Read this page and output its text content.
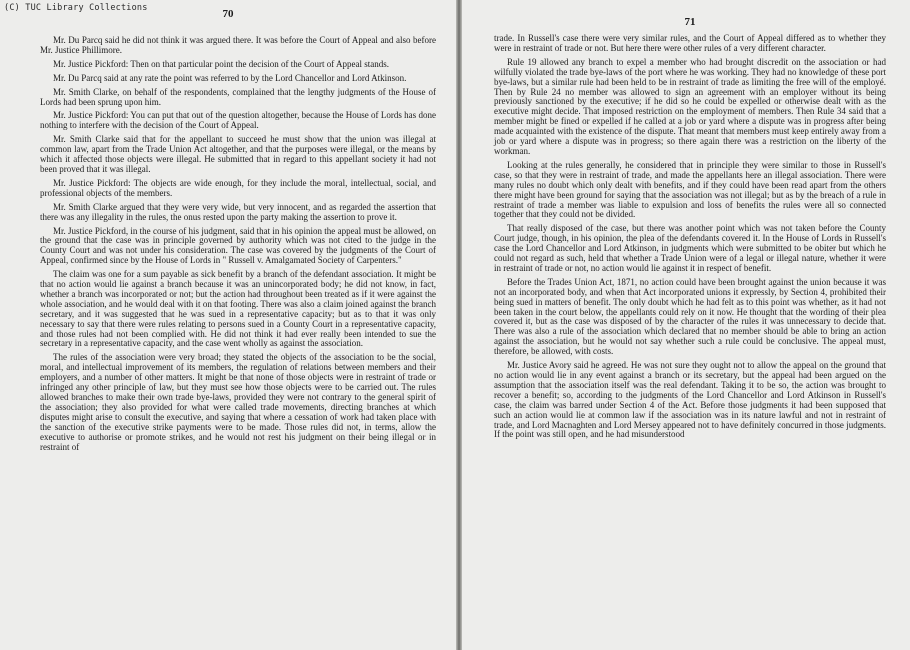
70

Mr. Du Parcq said he did not think it was argued there. It was before the Court of Appeal and also before Mr. Justice Phillimore.

Mr. Justice Pickford: Then on that particular point the decision of the Court of Appeal stands.

Mr. Du Parcq said at any rate the point was referred to by the Lord Chancellor and Lord Atkinson.

Mr. Smith Clarke, on behalf of the respondents, complained that the lengthy judgments of the House of Lords had been sprung upon him.

Mr. Justice Pickford: You can put that out of the question altogether, because the House of Lords has done nothing to interfere with the decision of the Court of Appeal.

Mr. Smith Clarke said that for the appellant to succeed he must show that the union was illegal at common law, apart from the Trade Union Act altogether, and that the purposes were illegal, or the means by which it affected those objects were illegal. He submitted that in regard to this appellant society it had not been proved that it was illegal.

Mr. Justice Pickford: The objects are wide enough, for they include the moral, intellectual, social, and professional objects of the members.

Mr. Smith Clarke argued that they were very wide, but very innocent, and as regarded the assertion that there was any illegality in the rules, the onus rested upon the party making the assertion to prove it.

Mr. Justice Pickford, in the course of his judgment, said that in his opinion the appeal must be allowed, on the ground that the case was in principle governed by authority which was not cited to the judge in the County Court and was not under his consideration. The case was covered by the judgments of the Court of Appeal, confirmed since by the House of Lords in " Russell v. Amalgamated Society of Carpenters."

The claim was one for a sum payable as sick benefit by a branch of the defendant association. It might be that no action would lie against a branch because it was an unincorporated body; he did not know, in fact, whether a branch was incorporated or not; but the action had throughout been treated as if it were against the whole association, and he would deal with it on that footing. There was also a claim joined against the branch secretary, and it was suggested that he was sued in a representative capacity; but as to that it was only necessary to say that there were rules relating to persons sued in a County Court in a representative capacity, and those rules had not been complied with. He did not think it had ever really been intended to sue the secretary in a representative capacity, and the case went wholly as against the association.

The rules of the association were very broad; they stated the objects of the association to be the social, moral, and intellectual improvement of its members, the regulation of relations between members and their employers, and a number of other matters. It might be that none of those objects were in restraint of trade or infringed any other principle of law, but they must see how those objects were to be carried out. The rules allowed branches to make their own trade bye-laws, provided they were not contrary to the general spirit of the association; they also provided for what were called trade movements, directing branches at which disputes might arise to consult the executive, and saying that where a cessation of work had taken place with the sanction of the executive strike payments were to be made. Those rules did not, in terms, allow the executive to authorise or promote strikes, and he would not rest his judgment on their being illegal or in restraint of

71

trade. In Russell's case there were very similar rules, and the Court of Appeal differed as to whether they were in restraint of trade or not. But here there were other rules of a very different character.

Rule 19 allowed any branch to expel a member who had brought discredit on the association or had wilfully violated the trade bye-laws of the port where he was working. They had no knowledge of these port bye-laws, but a similar rule had been held to be in restraint of trade as limiting the free will of the employé. Then by Rule 24 no member was allowed to sign an agreement with an employer without its being previously sanctioned by the executive; if he did so he could be expelled or otherwise dealt with as the executive might decide. That imposed restriction on the employment of members. Then Rule 34 said that a member might be fined or expelled if he called at a job or yard where a dispute was in progress after being made acquainted with the existence of the dispute. That meant that members must keep entirely away from a job or yard where a dispute was in progress; so there again there was a restriction on the liberty of the workman.

Looking at the rules generally, he considered that in principle they were similar to those in Russell's case, so that they were in restraint of trade, and made the appellants here an illegal association. There were many rules no doubt which only dealt with benefits, and if they could have been read apart from the others there might have been ground for saying that the association was not illegal; but as by the breach of a rule in restraint of trade a member was liable to expulsion and loss of benefits the rules were all so connected together that they could not be divided.

That really disposed of the case, but there was another point which was not taken before the County Court judge, though, in his opinion, the plea of the defendants covered it. In the House of Lords in Russell's case the Lord Chancellor and Lord Atkinson, in judgments which were submitted to be obiter but which he could not regard as such, held that whether a Trade Union were of a legal or illegal nature, whether it were in restraint of trade or not, no action would lie against it in respect of benefit.

Before the Trades Union Act, 1871, no action could have been brought against the union because it was not an incorporated body, and when that Act incorporated unions it expressly, by Section 4, prohibited their being sued in matters of benefit. The only doubt which he had felt as to this point was whether, as it had not been taken in the court below, the appellants could rely on it now. He thought that the wording of their plea covered it, but as the case was disposed of by the character of the rules it was unnecessary to decide that. There was also a rule of the association which declared that no member should be able to bring an action against the association, but he would not say whether such a rule could be conclusive. The appeal must, therefore, be allowed, with costs.

Mr. Justice Avory said he agreed. He was not sure they ought not to allow the appeal on the ground that no action would lie in any event against a branch or its secretary, but the appeal had been argued on the assumption that the association itself was the real defendant. Taking it to be so, the action was brought to recover a benefit; so, according to the judgments of the Lord Chancellor and Lord Atkinson in Russell's case, the claim was barred under Section 4 of the Act. Before those judgments it had been supposed that such an action would lie at common law if the association was in its nature lawful and not in restraint of trade, and Lord Macnaghten and Lord Mersey appeared not to have definitely concurred in those judgments. If the point was still open, and he had misunderstood

(C) TUC Library Collections
